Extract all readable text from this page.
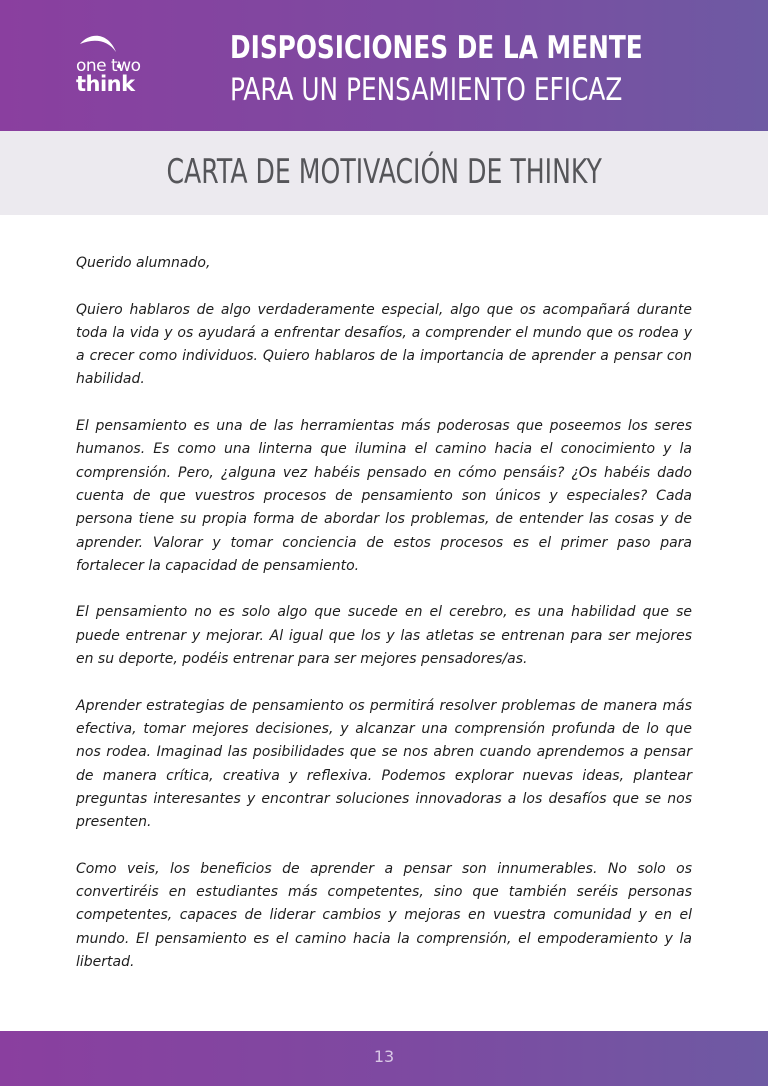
one two
think
DISPOSICIONES DE LA MENTE
PARA UN PENSAMIENTO EFICAZ
CARTA DE MOTIVACIÓN DE THINKY

Querido alumnado,

Quiero hablaros de algo verdaderamente especial, algo que os acompañará durante toda la vida y os ayudará a enfrentar desafíos, a comprender el mundo que os rodea y a crecer como individuos. Quiero hablaros de la importancia de aprender a pensar con habilidad.

El pensamiento es una de las herramientas más poderosas que poseemos los seres humanos. Es como una linterna que ilumina el camino hacia el conocimiento y la comprensión. Pero, ¿alguna vez habéis pensado en cómo pensáis? ¿Os habéis dado cuenta de que vuestros procesos de pensamiento son únicos y especiales? Cada persona tiene su propia forma de abordar los problemas, de entender las cosas y de aprender. Valorar y tomar conciencia de estos procesos es el primer paso para fortalecer la capacidad de pensamiento.

El pensamiento no es solo algo que sucede en el cerebro, es una habilidad que se puede entrenar y mejorar. Al igual que los y las atletas se entrenan para ser mejores en su deporte, podéis entrenar para ser mejores pensadores/as.

Aprender estrategias de pensamiento os permitirá resolver problemas de manera más efectiva, tomar mejores decisiones, y alcanzar una comprensión profunda de lo que nos rodea. Imaginad las posibilidades que se nos abren cuando aprendemos a pensar de manera crítica, creativa y reflexiva. Podemos explorar nuevas ideas, plantear preguntas interesantes y encontrar soluciones innovadoras a los desafíos que se nos presenten.

Como veis, los beneficios de aprender a pensar son innumerables. No solo os convertiréis en estudiantes más competentes, sino que también seréis personas competentes, capaces de liderar cambios y mejoras en vuestra comunidad y en el mundo. El pensamiento es el camino hacia la comprensión, el empoderamiento y la libertad.

13
